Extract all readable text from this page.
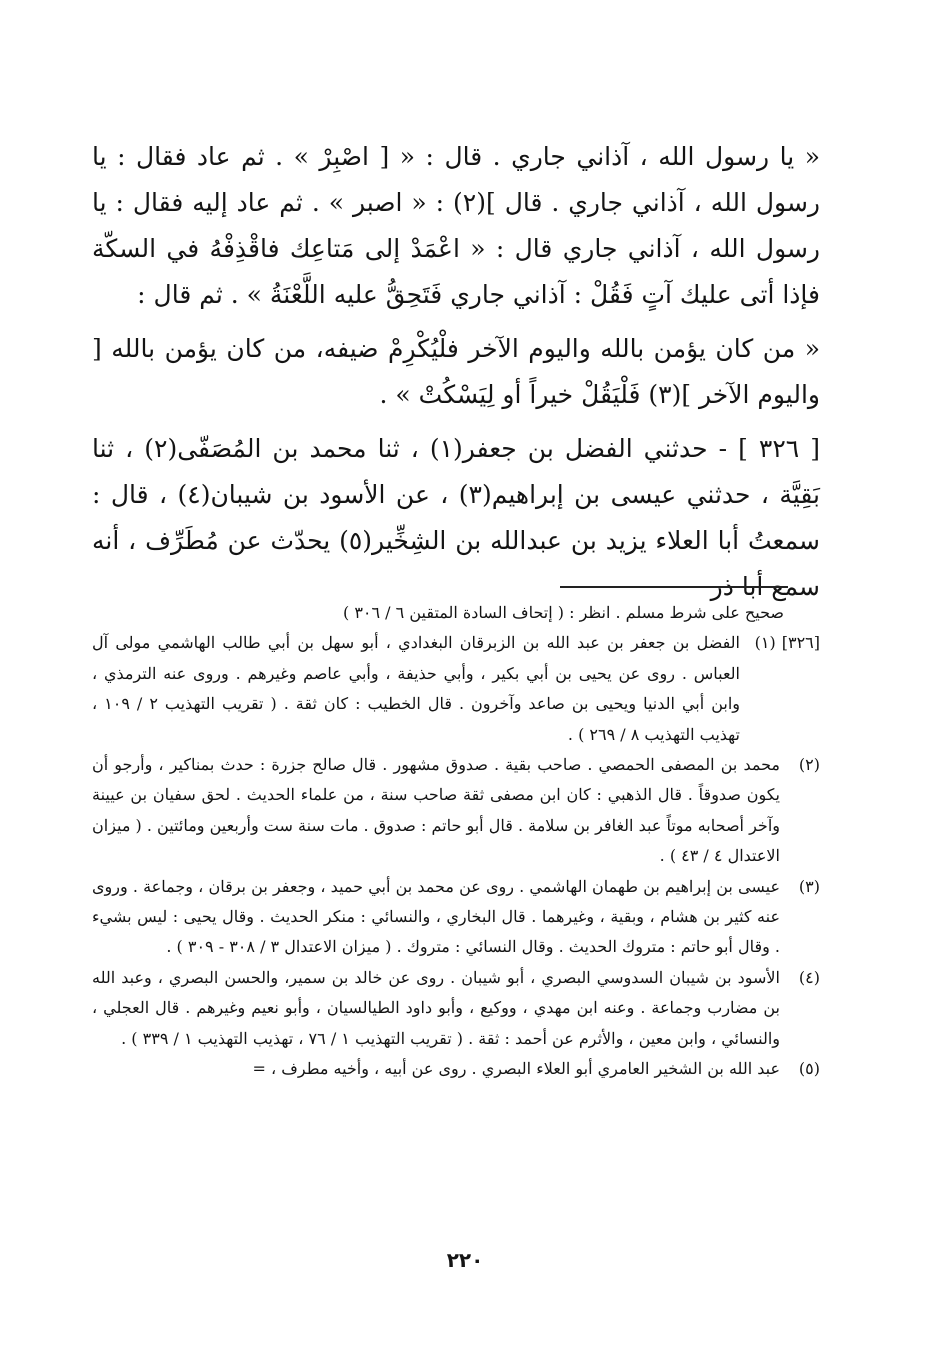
« يا رسول الله ، آذاني جاري . قال : « [ اصْبِرْ » . ثم عاد فقال : يا رسول الله ، آذاني جاري . قال ](٢) : « اصبر » . ثم عاد إليه فقال : يا رسول الله ، آذاني جاري قال : « اعْمَدْ إلى مَتاعِك فاقْذِفْهُ في السكّة فإذا أتى عليك آتٍ فَقُلْ : آذاني جاري فَتَحِقُّ عليه اللَّعْنَةُ » . ثم قال :

« من كان يؤمن بالله واليوم الآخر فلْيُكْرِمْ ضيفه، من كان يؤمن بالله [ واليوم الآخر ](٣) فَلْيَقُلْ خيراً أو لِيَسْكُتْ » .

[ ٣٢٦ ] - حدثني الفضل بن جعفر(١) ، ثنا محمد بن المُصَفّى(٢) ، ثنا بَقِيَّة ، حدثني عيسى بن إبراهيم(٣) ، عن الأسود بن شيبان(٤) ، قال : سمعتُ أبا العلاء يزيد بن عبدالله بن الشِخِّير(٥) يحدّث عن مُطَرِّف ، أنه سمع أبا ذر

صحيح على شرط مسلم . انظر : ( إتحاف السادة المتقين ٦ / ٣٠٦ )

[٣٢٦]
(١)
الفضل بن جعفر بن عبد الله بن الزبرقان البغدادي ، أبو سهل بن أبي طالب الهاشمي مولى آل العباس . روى عن يحيى بن أبي بكير ، وأبي حذيفة ، وأبي عاصم وغيرهم . وروى عنه الترمذي ، وابن أبي الدنيا ويحيى بن صاعد وآخرون . قال الخطيب : كان ثقة . ( تقريب التهذيب ٢ / ١٠٩ ، تهذيب التهذيب ٨ / ٢٦٩ ) .
(٢)
محمد بن المصفى الحمصي . صاحب بقية . صدوق مشهور . قال صالح جزرة : حدث بمناكير ، وأرجو أن يكون صدوقاً . قال الذهبي : كان ابن مصفى ثقة صاحب سنة ، من علماء الحديث . لحق سفيان بن عيينة وآخر أصحابه موتاً عبد الغافر بن سلامة . قال أبو حاتم : صدوق . مات سنة ست وأربعين ومائتين . ( ميزان الاعتدال ٤ / ٤٣ ) .
(٣)
عيسى بن إبراهيم بن طهمان الهاشمي . روى عن محمد بن أبي حميد ، وجعفر بن برقان ، وجماعة . وروى عنه كثير بن هشام ، وبقية ، وغيرهما . قال البخاري ، والنسائي : منكر الحديث . وقال يحيى : ليس بشيء . وقال أبو حاتم : متروك الحديث . وقال النسائي : متروك . ( ميزان الاعتدال ٣ / ٣٠٨ - ٣٠٩ ) .
(٤)
الأسود بن شيبان السدوسي البصري ، أبو شيبان . روى عن خالد بن سمير، والحسن البصري ، وعبد الله بن مضارب وجماعة . وعنه ابن مهدي ، ووكيع ، وأبو داود الطيالسيان ، وأبو نعيم وغيرهم . قال العجلي ، والنسائي ، وابن معين ، والأثرم عن أحمد : ثقة . ( تقريب التهذيب ١ / ٧٦ ، تهذيب التهذيب ١ / ٣٣٩ ) .
(٥)
عبد الله بن الشخير العامري أبو العلاء البصري . روى عن أبيه ، وأخيه مطرف ، =
٢٢٠
